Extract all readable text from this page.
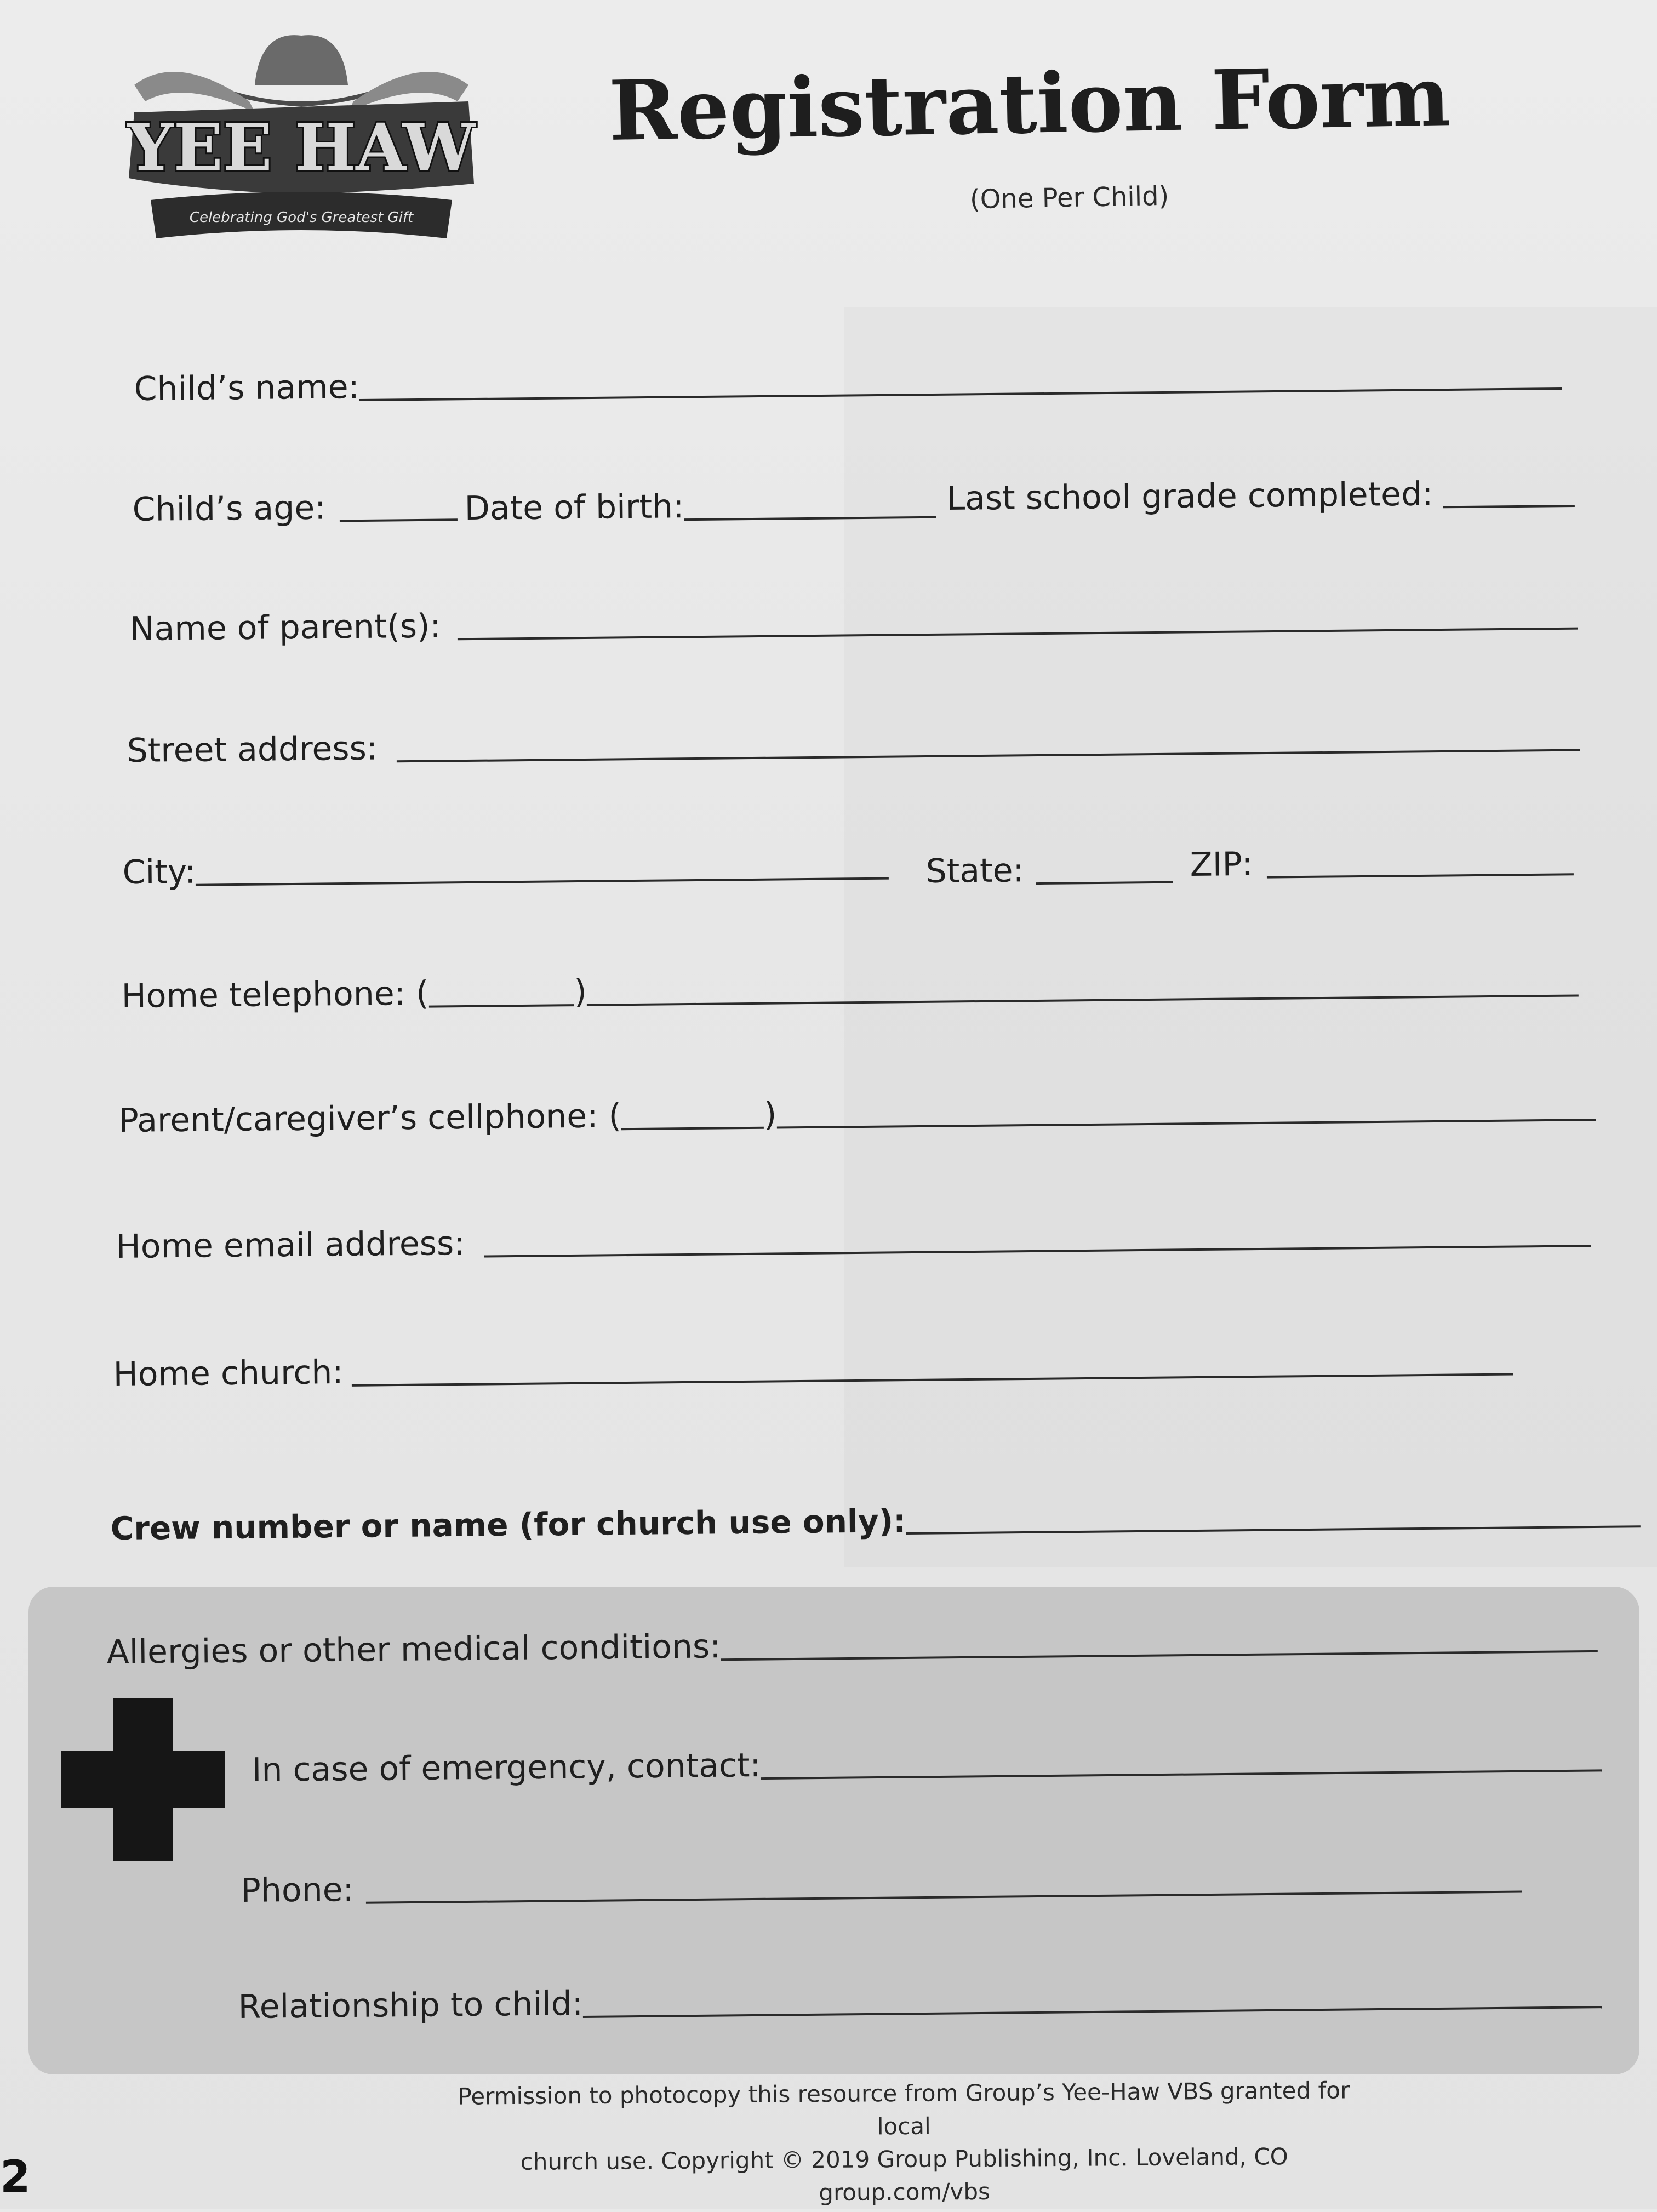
YEE HAW
Celebrating God's Greatest Gift
Registration Form
(One Per Child)
Child’s name:
Child’s age:	Date of birth:	Last school grade completed:
Name of parent(s):
Street address:
City:	State:	ZIP:
Home telephone: (	)
Parent/caregiver’s cellphone: (	)
Home email address:
Home church:
Crew number or name (for church use only):
Allergies or other medical conditions:
In case of emergency, contact:
Phone:
Relationship to child:
Permission to photocopy this resource from Group’s Yee-Haw VBS granted for local
church use. Copyright © 2019 Group Publishing, Inc. Loveland, CO group.com/vbs
2
